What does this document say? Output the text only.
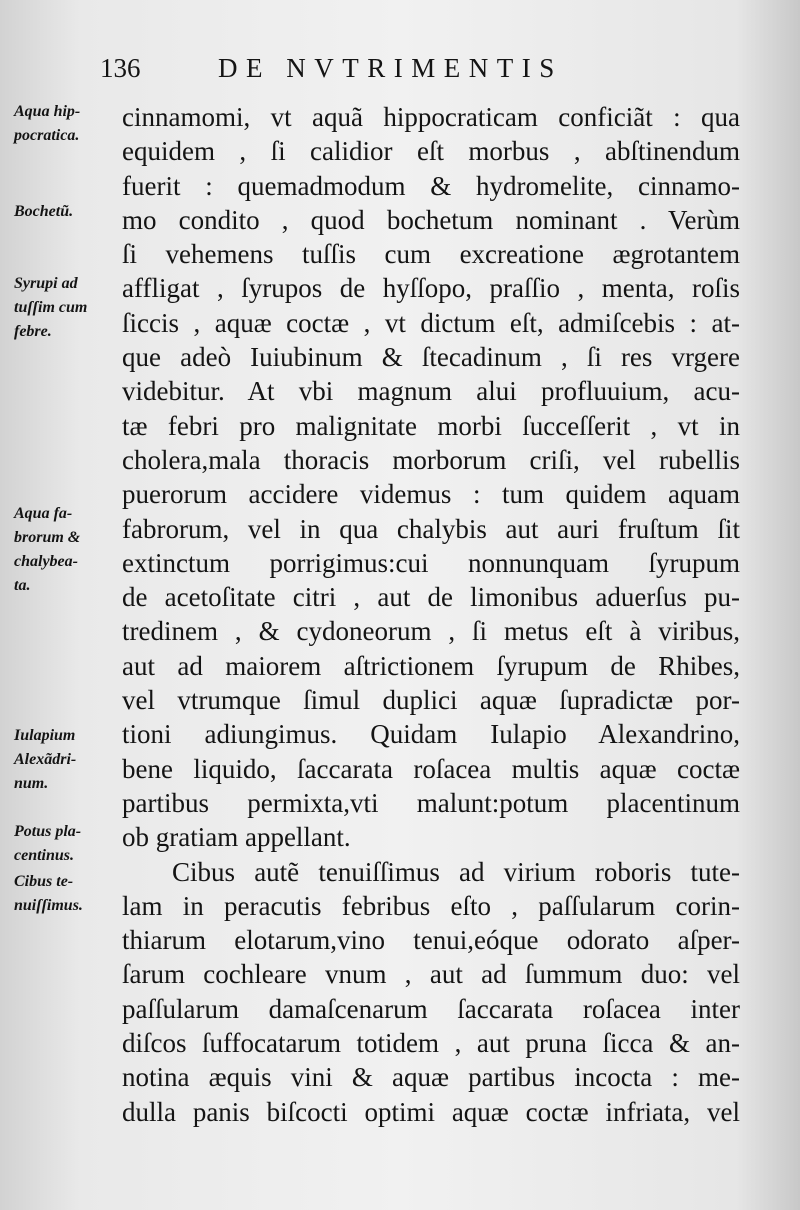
136	DE NVTRIMENTIS
Aqua hip-
pocratica.
Bochetũ.
Syrupi ad
tuſſim cum
febre.
Aqua fa-
brorum &
chalybea-
ta.
Iulapium
Alexãdri-
num.
Potus pla-
centinus.
Cibus te-
nuiſſimus.
cinnamomi, vt aquã hippocraticam conficiãt : qua
equidem , ſi calidior eſt morbus , abſtinendum
fuerit : quemadmodum & hydromelite, cinnamo-
mo condito , quod bochetum nominant . Verùm
ſi vehemens tuſſis cum excreatione ægrotantem
affligat , ſyrupos de hyſſopo, praſſio , menta, roſis
ſiccis , aquæ coctæ , vt dictum eſt, admiſcebis : at-
que adeò Iuiubinum & ſtecadinum , ſi res vrgere
videbitur. At vbi magnum alui profluuium, acu-
tæ febri pro malignitate morbi ſucceſſerit , vt in
cholera,mala thoracis morborum criſi, vel rubellis
puerorum accidere videmus : tum quidem aquam
fabrorum, vel in qua chalybis aut auri fruſtum ſit
extinctum porrigimus:cui nonnunquam ſyrupum
de acetoſitate citri , aut de limonibus aduerſus pu-
tredinem , & cydoneorum , ſi metus eſt à viribus,
aut ad maiorem aſtrictionem ſyrupum de Rhibes,
vel vtrumque ſimul duplici aquæ ſupradictæ por-
tioni adiungimus. Quidam Iulapio Alexandrino,
bene liquido, ſaccarata roſacea multis aquæ coctæ
partibus permixta,vti malunt:potum placentinum
ob gratiam appellant.
Cibus autẽ tenuiſſimus ad virium roboris tute-
lam in peracutis febribus eſto , paſſularum corin-
thiarum elotarum,vino tenui,eóque odorato aſper-
ſarum cochleare vnum , aut ad ſummum duo: vel
paſſularum damaſcenarum ſaccarata roſacea inter
diſcos ſuffocatarum totidem , aut pruna ſicca & an-
notina æquis vini & aquæ partibus incocta : me-
dulla panis biſcocti optimi aquæ coctæ infriata, vel
